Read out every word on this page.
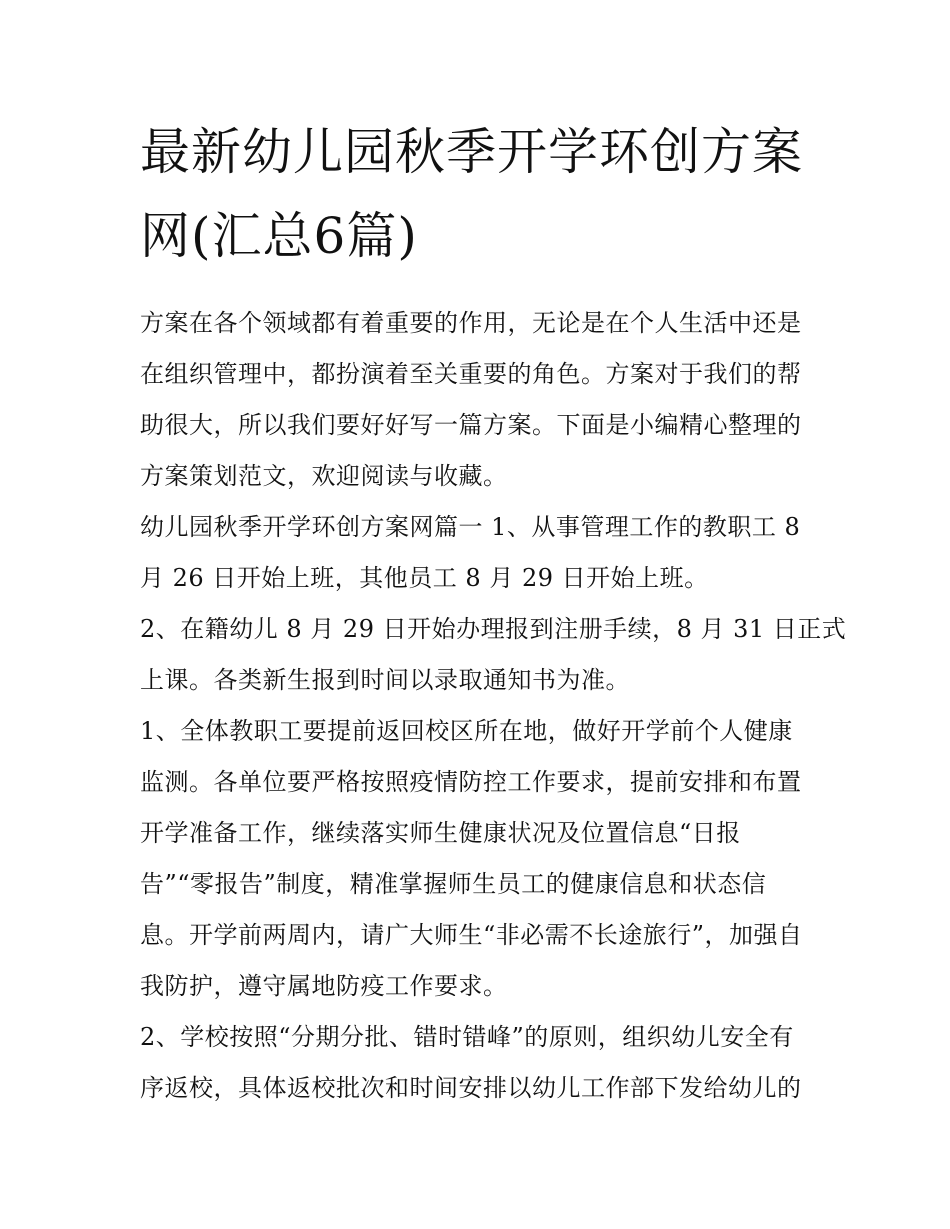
最新幼儿园秋季开学环创方案
网(汇总6篇)

方案在各个领域都有着重要的作用，无论是在个人生活中还是
在组织管理中，都扮演着至关重要的角色。方案对于我们的帮
助很大，所以我们要好好写一篇方案。下面是小编精心整理的
方案策划范文，欢迎阅读与收藏。

幼儿园秋季开学环创方案网篇一 1、从事管理工作的教职工 8
月 26 日开始上班，其他员工 8 月 29 日开始上班。

2、在籍幼儿 8 月 29 日开始办理报到注册手续，8 月 31 日正式
上课。各类新生报到时间以录取通知书为准。

1、全体教职工要提前返回校区所在地，做好开学前个人健康
监测。各单位要严格按照疫情防控工作要求，提前安排和布置
开学准备工作，继续落实师生健康状况及位置信息“日报
告”“零报告”制度，精准掌握师生员工的健康信息和状态信
息。开学前两周内，请广大师生“非必需不长途旅行”，加强自
我防护，遵守属地防疫工作要求。

2、学校按照“分期分批、错时错峰”的原则，组织幼儿安全有
序返校，具体返校批次和时间安排以幼儿工作部下发给幼儿的
